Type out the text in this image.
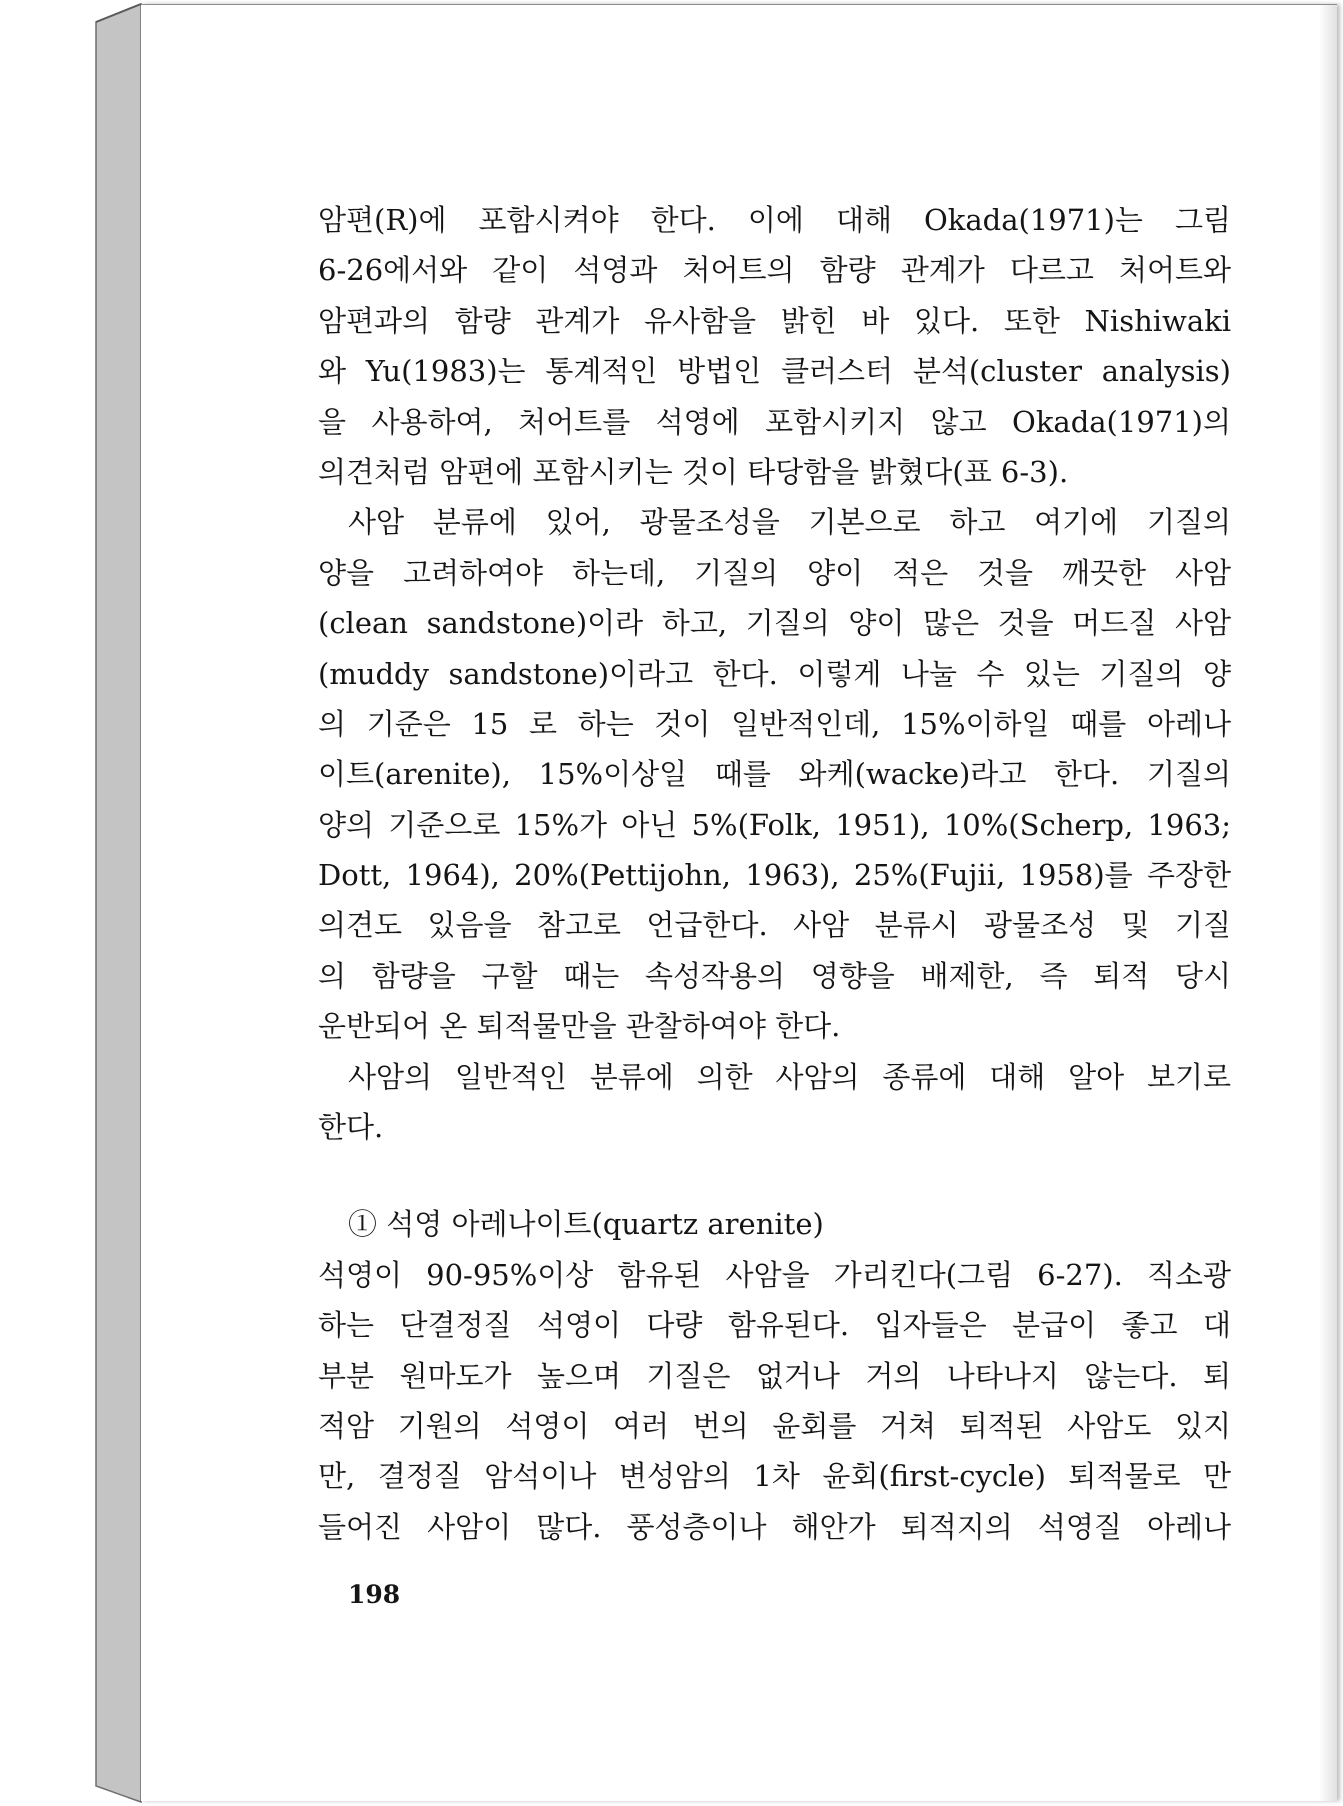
암편(R)에 포함시켜야 한다. 이에 대해 Okada(1971)는 그림
6-26에서와 같이 석영과 처어트의 함량 관계가 다르고 처어트와
암편과의 함량 관계가 유사함을 밝힌 바 있다. 또한 Nishiwaki
와 Yu(1983)는 통계적인 방법인 클러스터 분석(cluster analysis)
을 사용하여, 처어트를 석영에 포함시키지 않고 Okada(1971)의
의견처럼 암편에 포함시키는 것이 타당함을 밝혔다(표 6-3).
사암 분류에 있어, 광물조성을 기본으로 하고 여기에 기질의
양을 고려하여야 하는데, 기질의 양이 적은 것을 깨끗한 사암
(clean sandstone)이라 하고, 기질의 양이 많은 것을 머드질 사암
(muddy sandstone)이라고 한다. 이렇게 나눌 수 있는 기질의 양
의 기준은 15 로 하는 것이 일반적인데, 15%이하일 때를 아레나
이트(arenite), 15%이상일 때를 와케(wacke)라고 한다. 기질의
양의 기준으로 15%가 아닌 5%(Folk, 1951), 10%(Scherp, 1963;
Dott, 1964), 20%(Pettijohn, 1963), 25%(Fujii, 1958)를 주장한
의견도 있음을 참고로 언급한다. 사암 분류시 광물조성 및 기질
의 함량을 구할 때는 속성작용의 영향을 배제한, 즉 퇴적 당시
운반되어 온 퇴적물만을 관찰하여야 한다.
사암의 일반적인 분류에 의한 사암의 종류에 대해 알아 보기로
한다.
① 석영 아레나이트(quartz arenite)
석영이 90-95%이상 함유된 사암을 가리킨다(그림 6-27). 직소광
하는 단결정질 석영이 다량 함유된다. 입자들은 분급이 좋고 대
부분 원마도가 높으며 기질은 없거나 거의 나타나지 않는다. 퇴
적암 기원의 석영이 여러 번의 윤회를 거쳐 퇴적된 사암도 있지
만, 결정질 암석이나 변성암의 1차 윤회(first-cycle) 퇴적물로 만
들어진 사암이 많다. 풍성층이나 해안가 퇴적지의 석영질 아레나
198
